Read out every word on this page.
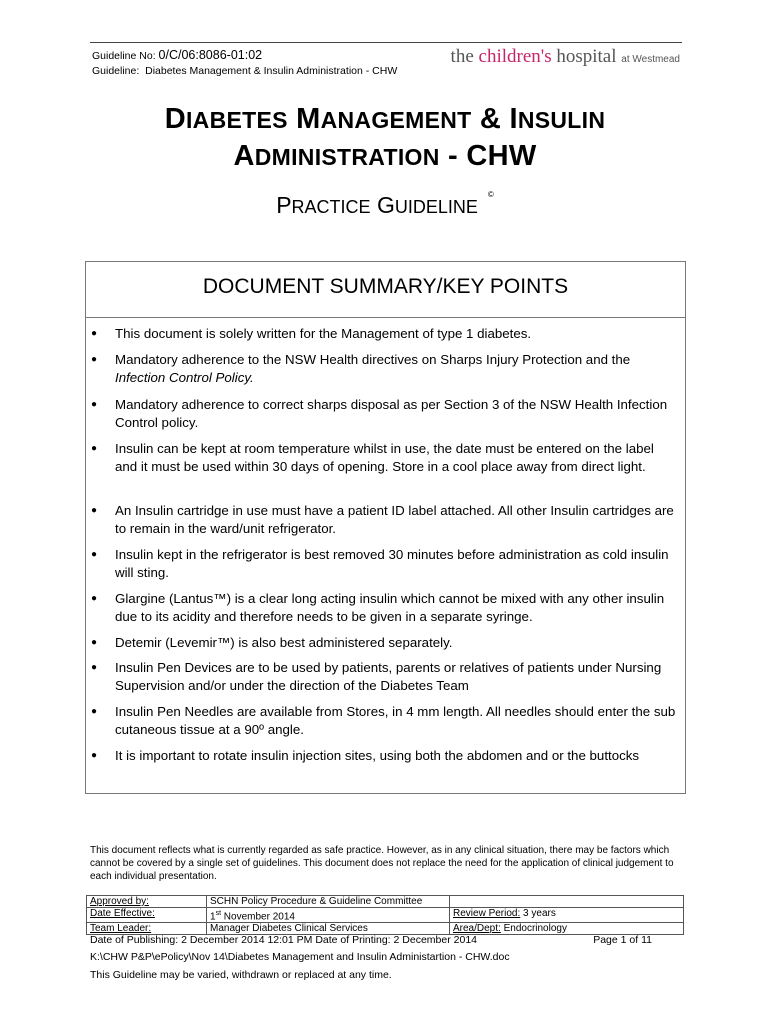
Guideline No: 0/C/06:8086-01:02
Guideline: Diabetes Management & Insulin Administration - CHW
the children's hospital at Westmead
DIABETES MANAGEMENT & INSULIN
ADMINISTRATION - CHW
PRACTICE GUIDELINE©
DOCUMENT SUMMARY/KEY POINTS
● This document is solely written for the Management of type 1 diabetes.
● Mandatory adherence to the NSW Health directives on Sharps Injury Protection and the Infection Control Policy.
● Mandatory adherence to correct sharps disposal as per Section 3 of the NSW Health Infection Control policy.
● Insulin can be kept at room temperature whilst in use, the date must be entered on the label and it must be used within 30 days of opening. Store in a cool place away from direct light.
● An Insulin cartridge in use must have a patient ID label attached. All other Insulin cartridges are to remain in the ward/unit refrigerator.
● Insulin kept in the refrigerator is best removed 30 minutes before administration as cold insulin will sting.
● Glargine (Lantus™) is a clear long acting insulin which cannot be mixed with any other insulin due to its acidity and therefore needs to be given in a separate syringe.
● Detemir (Levemir™) is also best administered separately.
● Insulin Pen Devices are to be used by patients, parents or relatives of patients under Nursing Supervision and/or under the direction of the Diabetes Team
● Insulin Pen Needles are available from Stores, in 4 mm length. All needles should enter the sub cutaneous tissue at a 90º angle.
● It is important to rotate insulin injection sites, using both the abdomen and or the buttocks
This document reflects what is currently regarded as safe practice. However, as in any clinical situation, there may be factors which cannot be covered by a single set of guidelines. This document does not replace the need for the application of clinical judgement to each individual presentation.
Approved by:	SCHN Policy Procedure & Guideline Committee	
Date Effective:	1st November 2014	Review Period: 3 years
Team Leader:	Manager Diabetes Clinical Services	Area/Dept: Endocrinology
Date of Publishing: 2 December 2014 12:01 PM Date of Printing: 2 December 2014	Page 1 of 11
K:\CHW P&P\ePolicy\Nov 14\Diabetes Management and Insulin Administartion - CHW.doc
This Guideline may be varied, withdrawn or replaced at any time.
